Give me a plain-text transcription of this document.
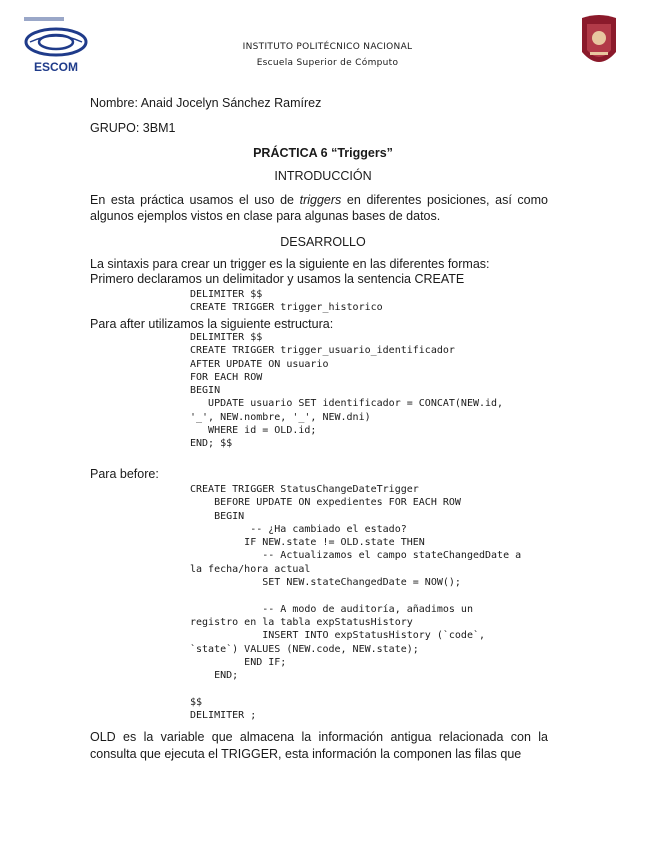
ESCOM
INSTITUTO POLITÉCNICO NACIONAL
Escuela Superior de Cómputo
Nombre: Anaid Jocelyn Sánchez Ramírez
GRUPO: 3BM1
PRÁCTICA 6 “Triggers”
INTRODUCCIÓN
En esta práctica usamos el uso de triggers en diferentes posiciones, así como algunos ejemplos vistos en clase para algunas bases de datos.
DESARROLLO
La sintaxis para crear un trigger es la siguiente en las diferentes formas:
Primero declaramos un delimitador y usamos la sentencia CREATE
DELIMITER $$
CREATE TRIGGER trigger_historico
Para after utilizamos la siguiente estructura:
DELIMITER $$
CREATE TRIGGER trigger_usuario_identificador
AFTER UPDATE ON usuario
FOR EACH ROW
BEGIN
UPDATE usuario SET identificador = CONCAT(NEW.id,
'_', NEW.nombre, '_', NEW.dni)
WHERE id = OLD.id;
END; $$
Para before:
CREATE TRIGGER StatusChangeDateTrigger
BEFORE UPDATE ON expedientes FOR EACH ROW
BEGIN
-- ¿Ha cambiado el estado?
IF NEW.state != OLD.state THEN
-- Actualizamos el campo stateChangedDate a
la fecha/hora actual
SET NEW.stateChangedDate = NOW();

-- A modo de auditoría, añadimos un
registro en la tabla expStatusHistory
INSERT INTO expStatusHistory (`code`,
`state`) VALUES (NEW.code, NEW.state);
END IF;
END;

$$
DELIMITER ;
OLD es la variable que almacena la información antigua relacionada con la consulta que ejecuta el TRIGGER, esta información la componen las filas que
